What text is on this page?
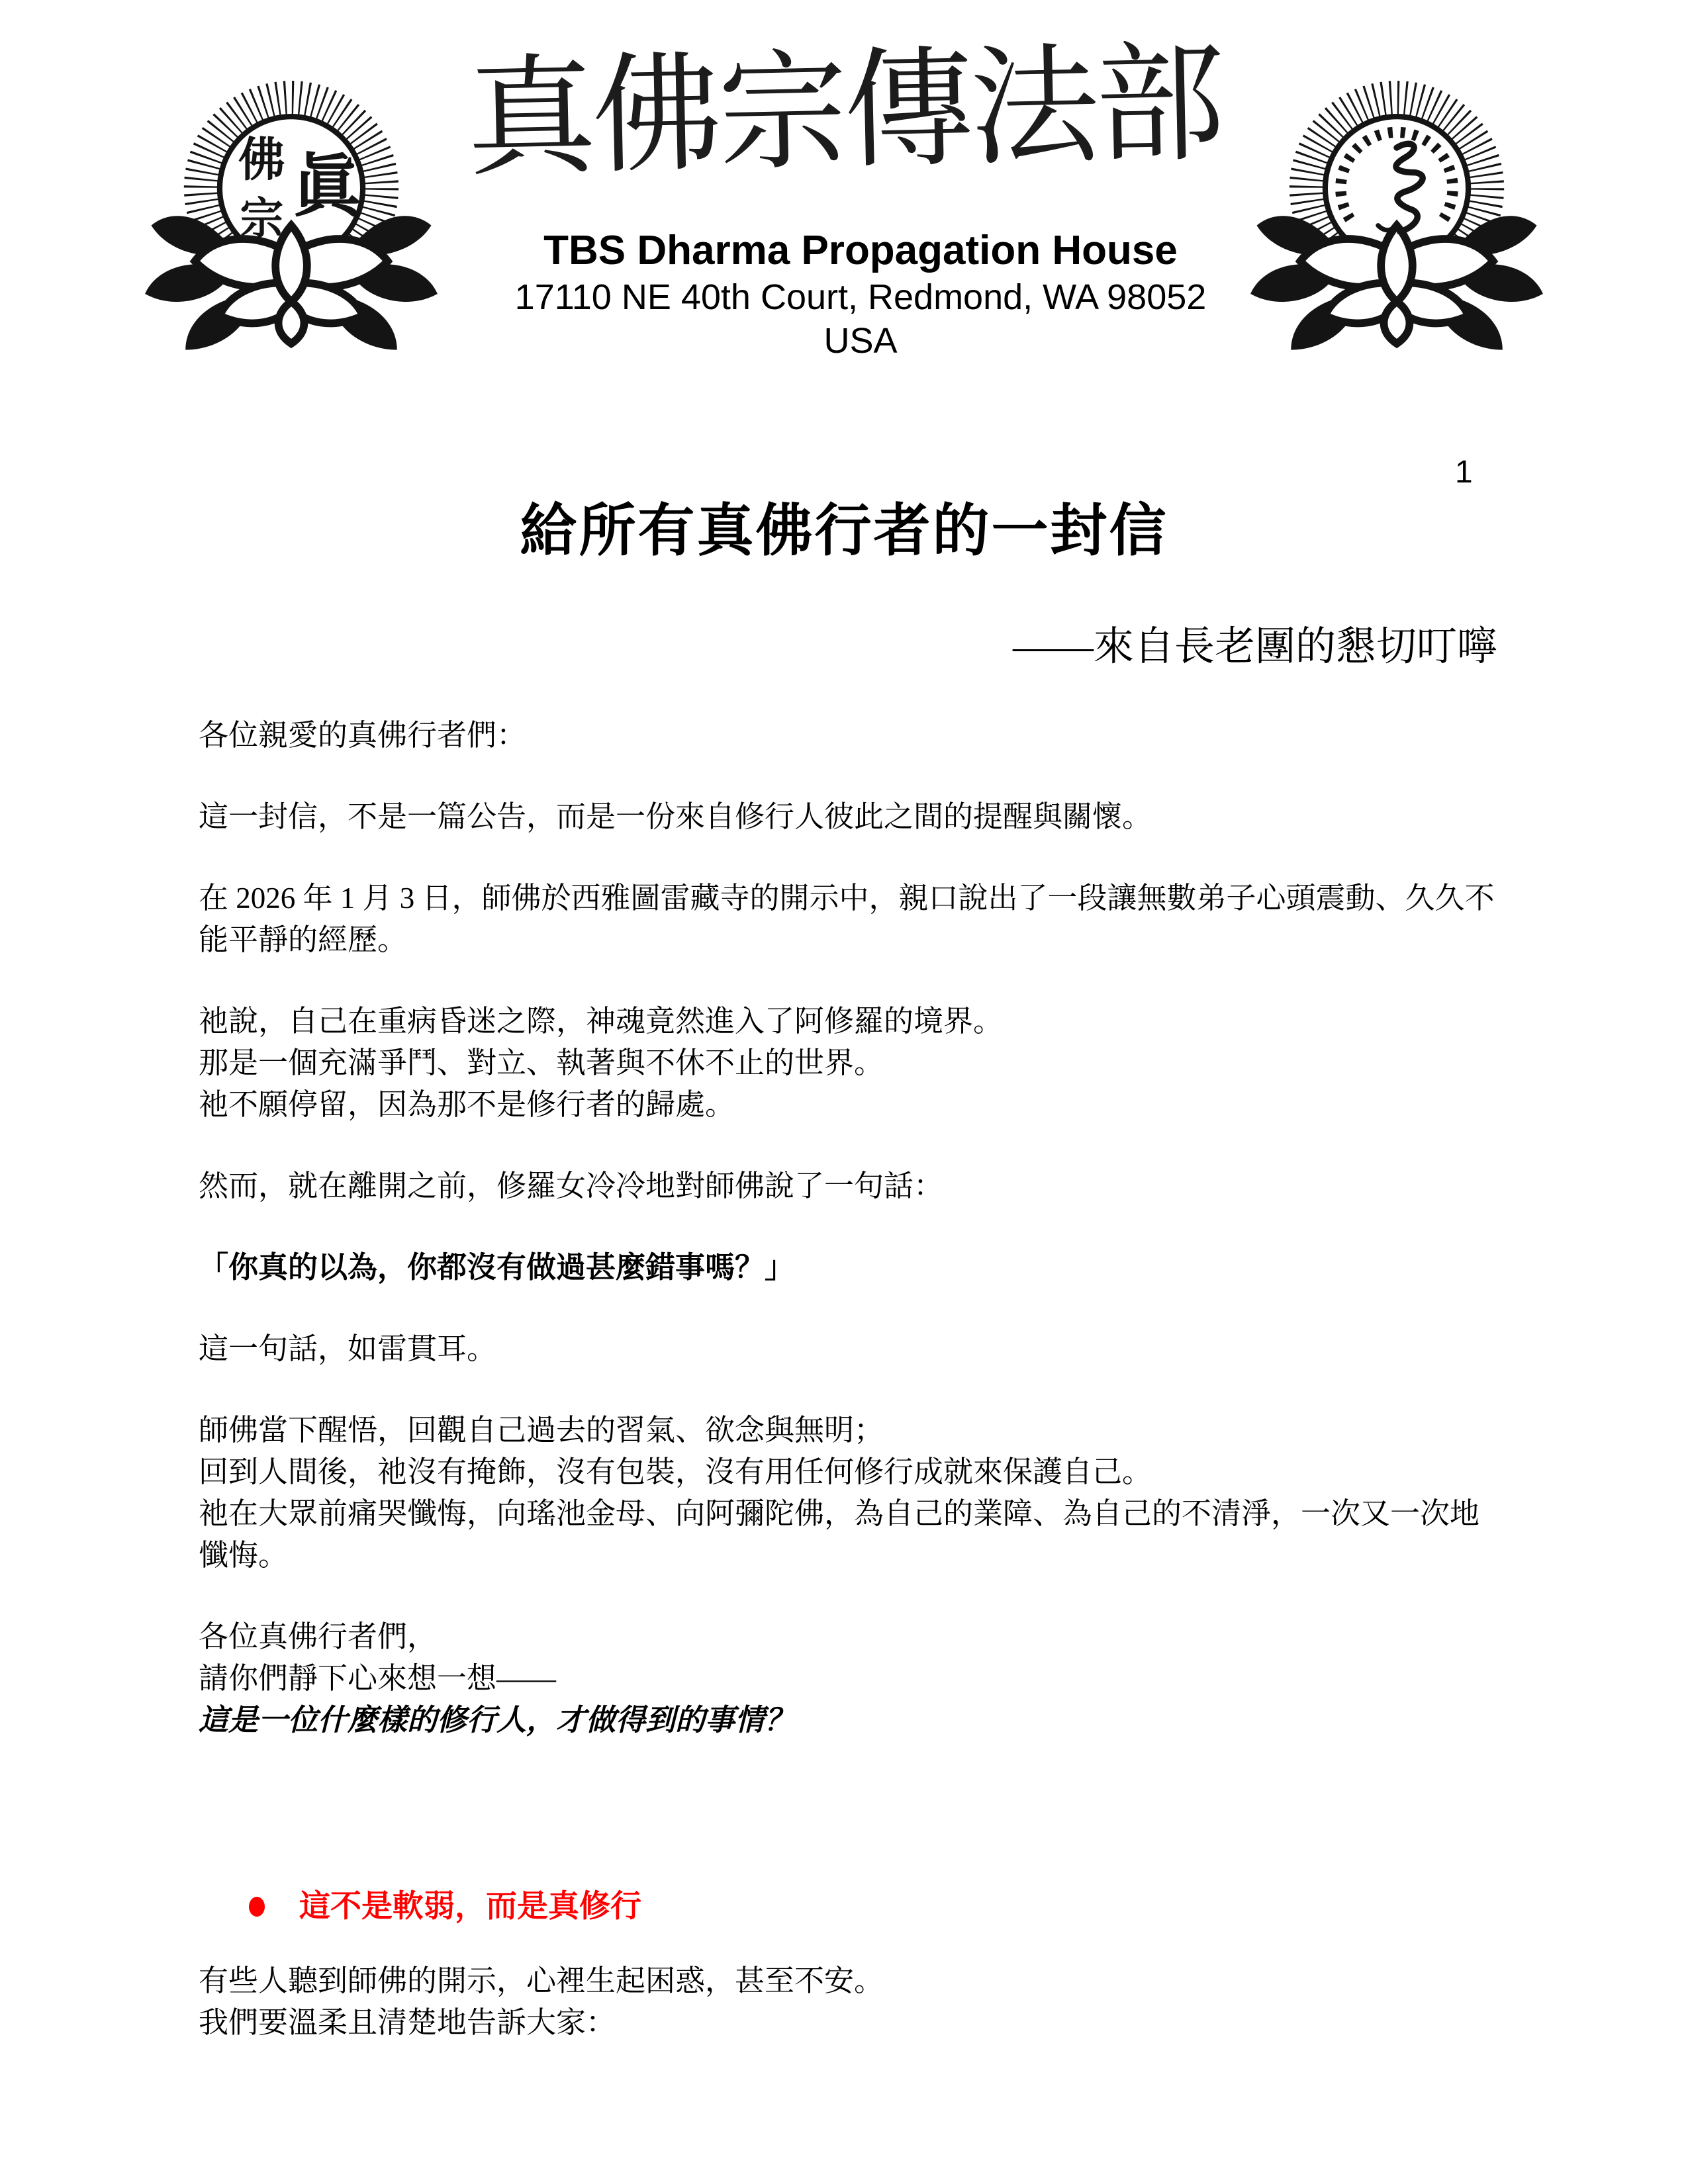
佛 眞
宗
真佛宗傳法部
TBS Dharma Propagation House
17110 NE 40th Court, Redmond, WA 98052 USA
1
給所有真佛行者的一封信
——來自長老團的懇切叮嚀
各位親愛的真佛行者們：
這一封信，不是一篇公告，而是一份來自修行人彼此之間的提醒與關懷。
在 2026 年 1 月 3 日，師佛於西雅圖雷藏寺的開示中，親口說出了一段讓無數弟子心頭震動、久久不能平靜的經歷。
祂說，自己在重病昏迷之際，神魂竟然進入了阿修羅的境界。
那是一個充滿爭鬥、對立、執著與不休不止的世界。
祂不願停留，因為那不是修行者的歸處。
然而，就在離開之前，修羅女冷冷地對師佛說了一句話：
「你真的以為，你都沒有做過甚麼錯事嗎？」
這一句話，如雷貫耳。
師佛當下醒悟，回觀自己過去的習氣、欲念與無明；
回到人間後，祂沒有掩飾，沒有包裝，沒有用任何修行成就來保護自己。
祂在大眾前痛哭懺悔，向瑤池金母、向阿彌陀佛，為自己的業障、為自己的不清淨，一次又一次地懺悔。
各位真佛行者們，
請你們靜下心來想一想——
這是一位什麼樣的修行人，才做得到的事情？
這不是軟弱，而是真修行
有些人聽到師佛的開示，心裡生起困惑，甚至不安。
我們要溫柔且清楚地告訴大家：
